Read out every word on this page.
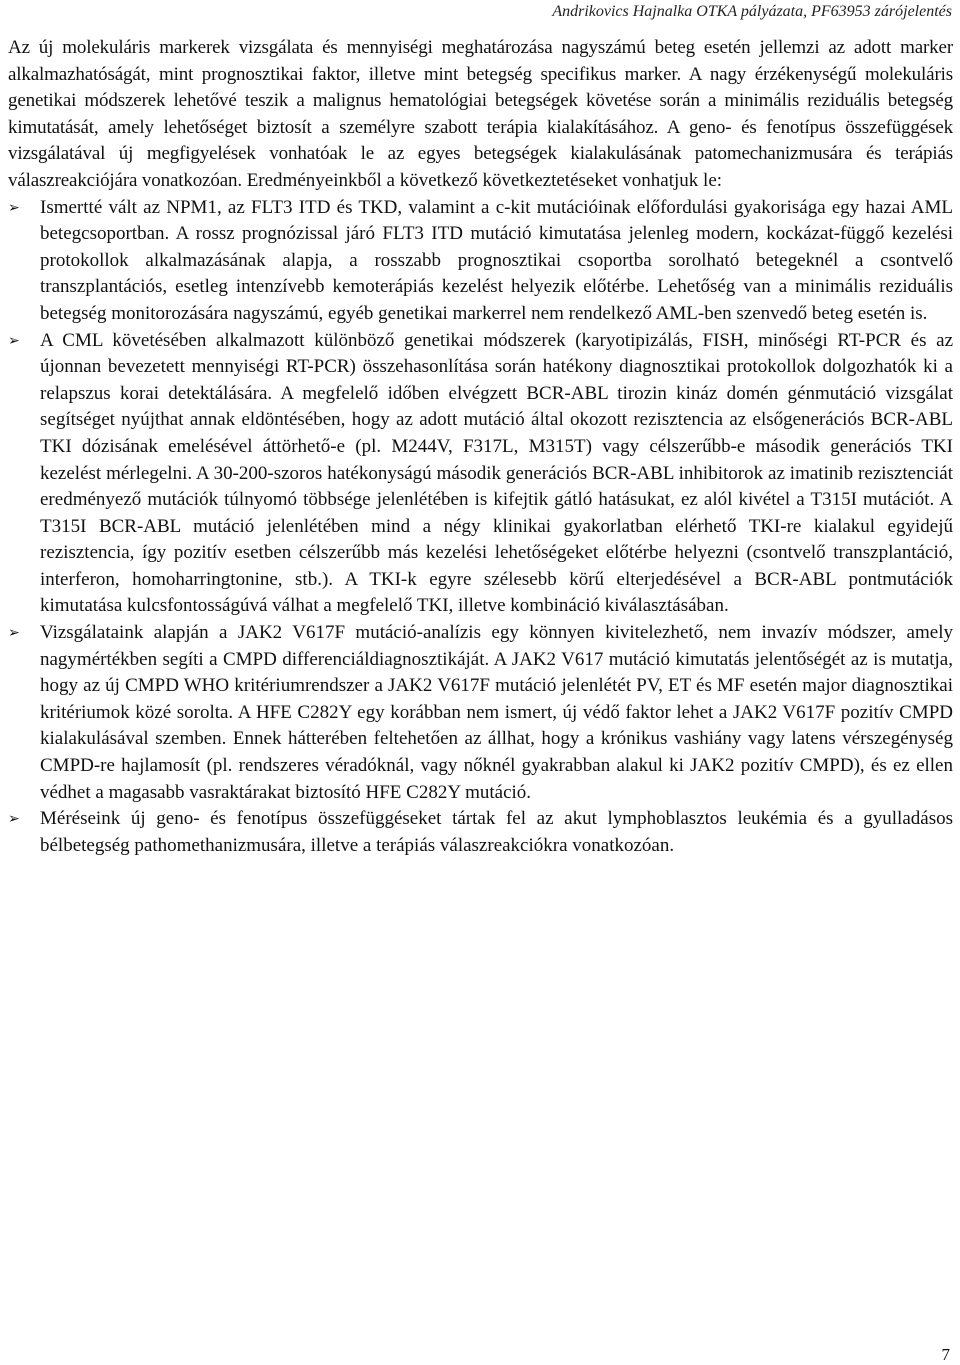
Andrikovics Hajnalka OTKA pályázata, PF63953 zárójelentés

Az új molekuláris markerek vizsgálata és mennyiségi meghatározása nagyszámú beteg esetén jellemzi az adott marker alkalmazhatóságát, mint prognosztikai faktor, illetve mint betegség specifikus marker. A nagy érzékenységű molekuláris genetikai módszerek lehetővé teszik a malignus hematológiai betegségek követése során a minimális reziduális betegség kimutatását, amely lehetőséget biztosít a személyre szabott terápia kialakításához. A geno- és fenotípus összefüggések vizsgálatával új megfigyelések vonhatóak le az egyes betegségek kialakulásának patomechanizmusára és terápiás válaszreakciójára vonatkozóan. Eredményeinkből a következő következtetéseket vonhatjuk le:

➢ Ismertté vált az NPM1, az FLT3 ITD és TKD, valamint a c-kit mutációinak előfordulási gyakorisága egy hazai AML betegcsoportban. A rossz prognózissal járó FLT3 ITD mutáció kimutatása jelenleg modern, kockázat-függő kezelési protokollok alkalmazásának alapja, a rosszabb prognosztikai csoportba sorolható betegeknél a csontvelő transzplantációs, esetleg intenzívebb kemoterápiás kezelést helyezik előtérbe. Lehetőség van a minimális reziduális betegség monitorozására nagyszámú, egyéb genetikai markerrel nem rendelkező AML-ben szenvedő beteg esetén is.
➢ A CML követésében alkalmazott különböző genetikai módszerek (karyotipizálás, FISH, minőségi RT-PCR és az újonnan bevezetett mennyiségi RT-PCR) összehasonlítása során hatékony diagnosztikai protokollok dolgozhatók ki a relapszus korai detektálására. A megfelelő időben elvégzett BCR-ABL tirozin kináz domén génmutáció vizsgálat segítséget nyújthat annak eldöntésében, hogy az adott mutáció által okozott rezisztencia az elsőgenerációs BCR-ABL TKI dózisának emelésével áttörhető-e (pl. M244V, F317L, M315T) vagy célszerűbb-e második generációs TKI kezelést mérlegelni. A 30-200-szoros hatékonyságú második generációs BCR-ABL inhibitorok az imatinib rezisztenciát eredményező mutációk túlnyomó többsége jelenlétében is kifejtik gátló hatásukat, ez alól kivétel a T315I mutációt. A T315I BCR-ABL mutáció jelenlétében mind a négy klinikai gyakorlatban elérhető TKI-re kialakul egyidejű rezisztencia, így pozitív esetben célszerűbb más kezelési lehetőségeket előtérbe helyezni (csontvelő transzplantáció, interferon, homoharringtonine, stb.). A TKI-k egyre szélesebb körű elterjedésével a BCR-ABL pontmutációk kimutatása kulcsfontosságúvá válhat a megfelelő TKI, illetve kombináció kiválasztásában.
➢ Vizsgálataink alapján a JAK2 V617F mutáció-analízis egy könnyen kivitelezhető, nem invazív módszer, amely nagymértékben segíti a CMPD differenciáldiagnosztikáját. A JAK2 V617 mutáció kimutatás jelentőségét az is mutatja, hogy az új CMPD WHO kritériumrendszer a JAK2 V617F mutáció jelenlétét PV, ET és MF esetén major diagnosztikai kritériumok közé sorolta. A HFE C282Y egy korábban nem ismert, új védő faktor lehet a JAK2 V617F pozitív CMPD kialakulásával szemben. Ennek hátterében feltehetően az állhat, hogy a krónikus vashiány vagy latens vérszegénység CMPD-re hajlamosít (pl. rendszeres véradóknál, vagy nőknél gyakrabban alakul ki JAK2 pozitív CMPD), és ez ellen védhet a magasabb vasraktárakat biztosító HFE C282Y mutáció.
➢ Méréseink új geno- és fenotípus összefüggéseket tártak fel az akut lymphoblasztos leukémia és a gyulladásos bélbetegség pathomethanizmusára, illetve a terápiás válaszreakciókra vonatkozóan.
7
